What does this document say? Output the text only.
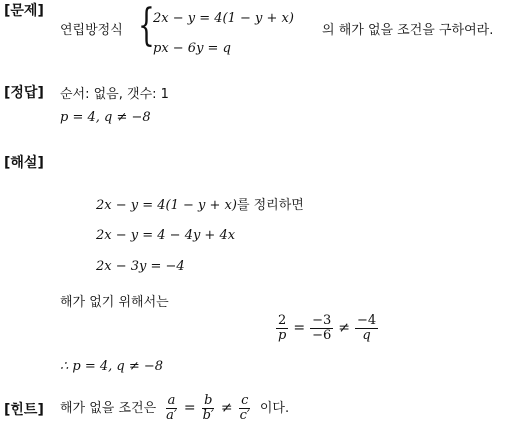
[문제]
연립방정식 {
2x − y = 4(1 − y + x)
px − 6y = q
의 해가 없을 조건을 구하여라.
[정답] 순서: 없음, 갯수: 1
p = 4, q ≠ −8
[해설]
2x − y = 4(1 − y + x)를 정리하면
2x − y = 4 − 4y + 4x
2x − 3y = −4
해가 없기 위해서는
$\frac{2}{p} = \frac{-3}{-6} \ne \frac{-4}{q}$
∴ p = 4, q ≠ −8
[힌트] 해가 없을 조건은 $\frac{a}{a'} = \frac{b}{b'} \ne \frac{c}{c'}$ 이다.
